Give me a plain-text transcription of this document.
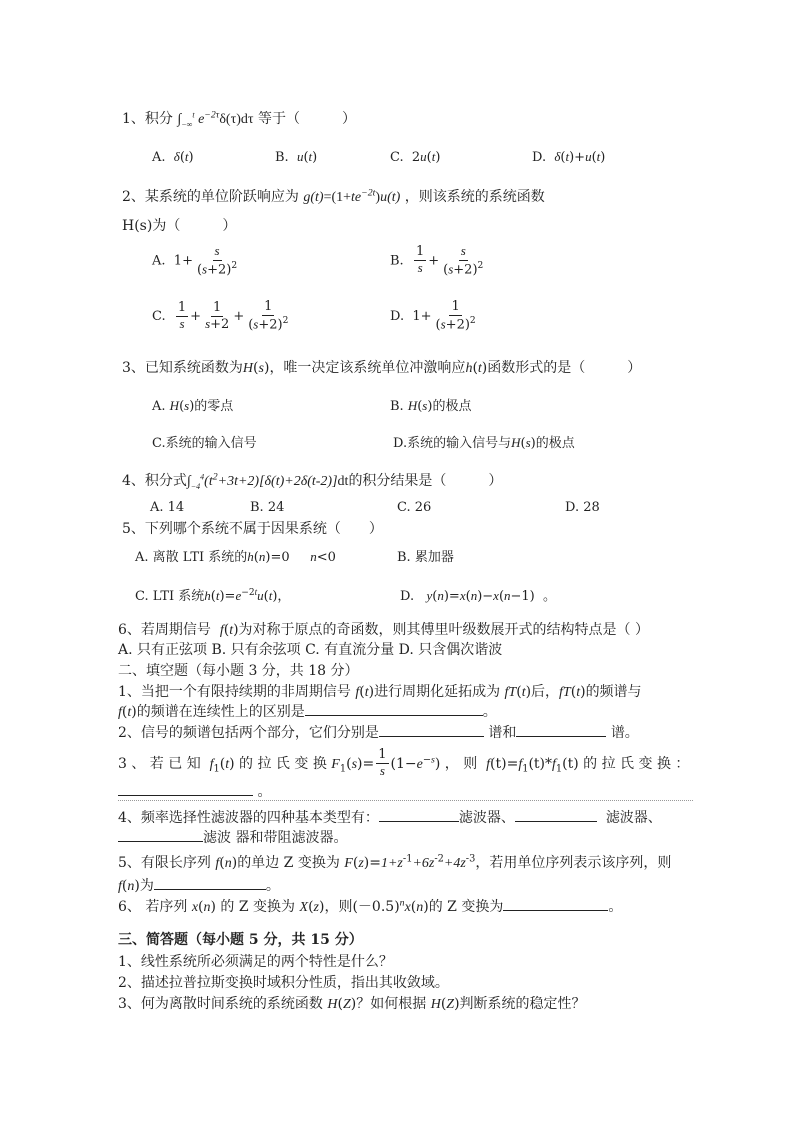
1、积分 $\int_{-\infty}^t$ $e^{-2\tau}\delta(\tau)d\tau$ 等于（　　　）
A. δ(t)	B. u(t)	C.  2u(t)	D. δ(t)+u(t)
2、某系统的单位阶跃响应为 $g(t)=(1+te^{-2t})u(t)$ ，则该系统的系统函数
H(s)为（　　　）
A.  $1+ \frac{s}{(s+2)^2}$	B. $\frac{1}{s} + \frac{s}{(s+2)^2}$
C. $\frac{1}{s} + \frac{1}{s+2} + \frac{1}{(s+2)^2}$	D.  $1+ \frac{1}{(s+2)^2}$
3、已知系统函数为H(s)，唯一决定该系统单位冲激响应h(t)函数形式的是（　　　）
A. H(s)的零点	B. H(s)的极点
C.系统的输入信号	D.系统的输入信号与H(s)的极点
4、积分式$\int_{-4}^4(t^2+3t+2)[\delta(t)+2\delta(t-2)]dt$的积分结果是（　　　）
A. 14	B. 24	C. 26	D. 28
5、下列哪个系统不属于因果系统（　　）
A. 离散 LTI 系统的h(n)=0     n<0	B. 累加器
C. LTI 系统$h(t)=e^{-2t}u(t)$，	D. y(n)=x(n)−x(n−1)  。
6、若周期信号 f(t)为对称于原点的奇函数，则其傅里叶级数展开式的结构特点是（ ）
A. 只有正弦项 B. 只有余弦项 C. 有直流分量 D. 只含偶次谐波
二、填空题（每小题 3 分，共 18 分）
1、当把一个有限持续期的非周期信号 f(t)进行周期化延拓成为 fT(t)后，fT(t)的频谱与
f(t)的频谱在连续性上的区别是	。
2、信号的频谱包括两个部分，它们分别是	谱和	谱。
3 、 若 已 知 $f_1(t)$ 的 拉 氏 变 换 $F_1(s)= \frac{1}{s} (1-e^{-s})$ ， 则 $f(t)=f_1(t)*f_1(t)$ 的 拉 氏 变 换 ：
。
4、频率选择性滤波器的四种基本类型有：	滤波器、	滤波器、
滤波 器和带阻滤波器。
5、有限长序列 f(n)的单边 Z 变换为 $F(z)=1+z^{-1}+6z^{-2}+4z^{-3}$，若用单位序列表示该序列，则
f(n)为	。
6、 若序列 x(n) 的 Z 变换为 X(z)，则$(-0.5)^nx(n)$的 Z 变换为	。
三、简答题（每小题 5 分，共 15 分）
1、线性系统所必须满足的两个特性是什么？
2、描述拉普拉斯变换时域积分性质，指出其收敛域。
3、何为离散时间系统的系统函数 H(Z)？如何根据 H(Z)判断系统的稳定性？
